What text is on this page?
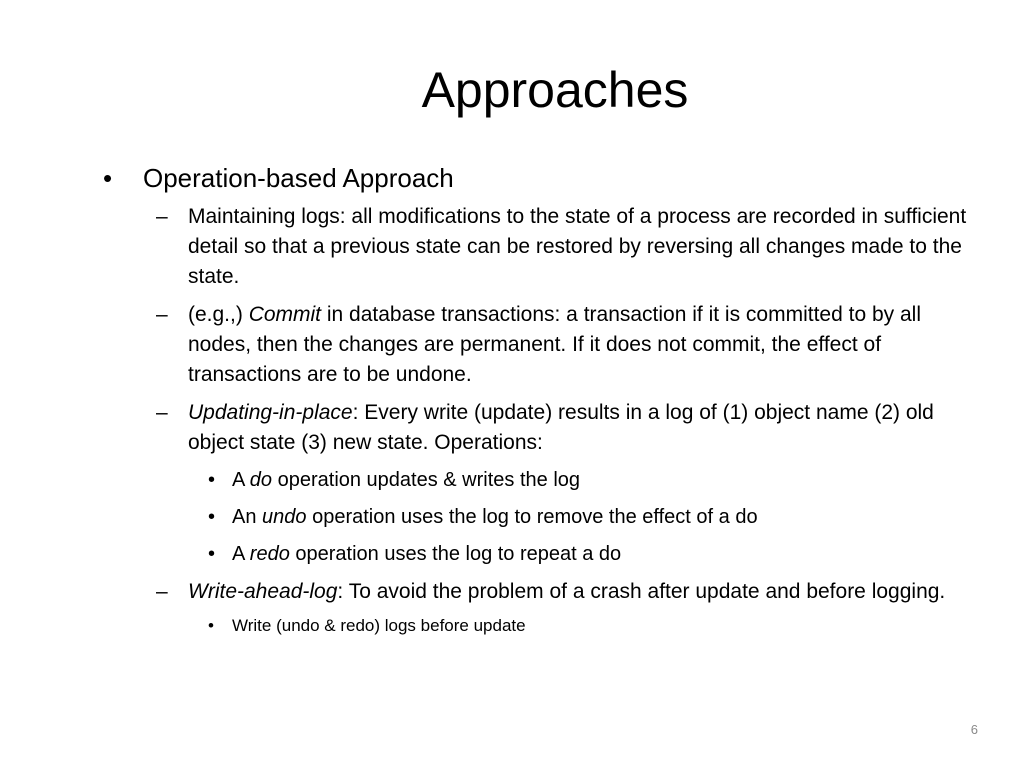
Approaches
• Operation-based Approach
– Maintaining logs: all modifications to the state of a process are recorded in sufficient detail so that a previous state can be restored by reversing all changes made to the state.
– (e.g.,) Commit in database transactions: a transaction if it is committed to by all nodes, then the changes are permanent. If it does not commit, the effect of transactions are to be undone.
– Updating-in-place: Every write (update) results in a log of (1) object name (2) old object state (3) new state. Operations:
• A do operation updates & writes the log
• An undo operation uses the log to remove the effect of a do
• A redo operation uses the log to repeat a do
– Write-ahead-log: To avoid the problem of a crash after update and before logging.
• Write (undo & redo) logs before update
6
